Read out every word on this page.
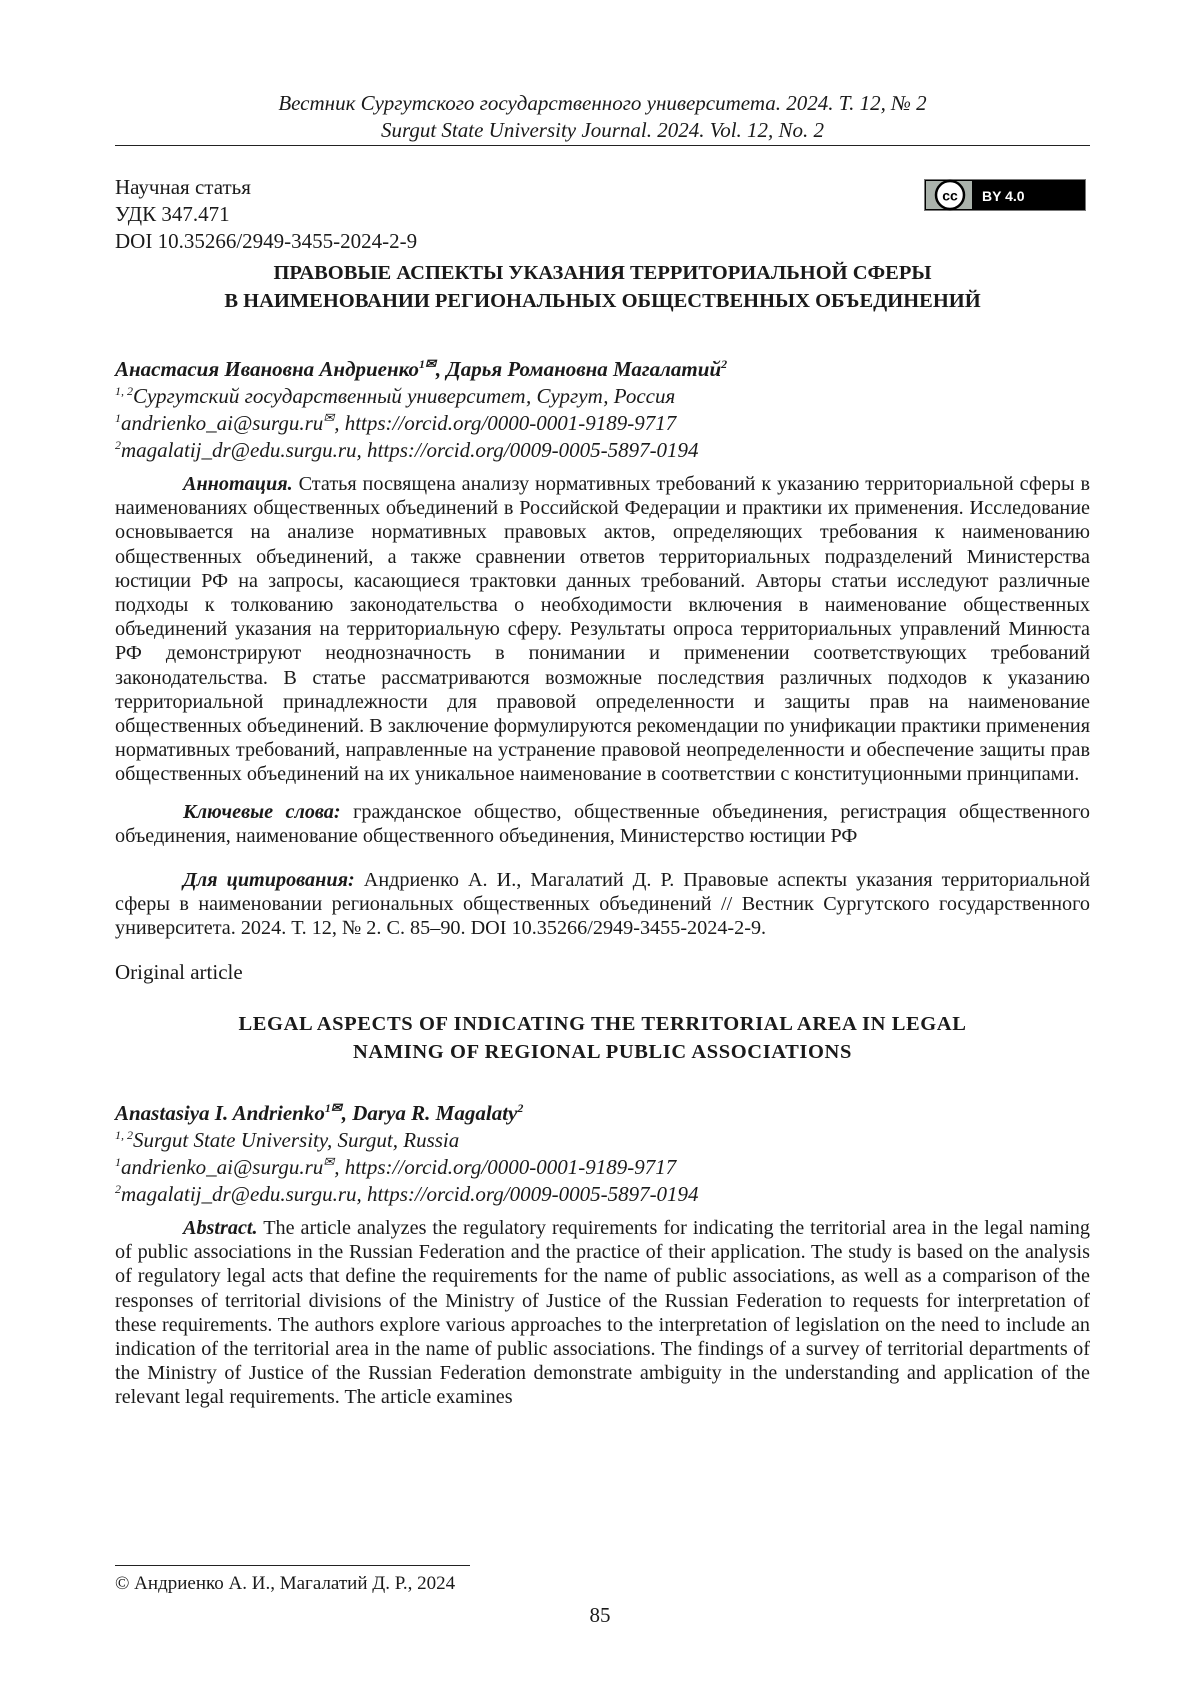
Вестник Сургутского государственного университета. 2024. Т. 12, № 2
Surgut State University Journal. 2024. Vol. 12, No. 2
Научная статья
УДК 347.471
DOI 10.35266/2949-3455-2024-2-9
cc BY 4.0
ПРАВОВЫЕ АСПЕКТЫ УКАЗАНИЯ ТЕРРИТОРИАЛЬНОЙ СФЕРЫ
В НАИМЕНОВАНИИ РЕГИОНАЛЬНЫХ ОБЩЕСТВЕННЫХ ОБЪЕДИНЕНИЙ
Анастасия Ивановна Андриенко$^{1✉}$, Дарья Романовна Магалатий$^2$
$^{1, 2}$Сургутский государственный университет, Сургут, Россия
$^1$andrienko_ai@surgu.ru✉, https://orcid.org/0000-0001-9189-9717
$^2$magalatij_dr@edu.surgu.ru, https://orcid.org/0009-0005-5897-0194
Аннотация. Статья посвящена анализу нормативных требований к указанию территориальной сферы в наименованиях общественных объединений в Российской Федерации и практики их применения. Исследование основывается на анализе нормативных правовых актов, определяющих требования к наименованию общественных объединений, а также сравнении ответов территориальных подразделений Министерства юстиции РФ на запросы, касающиеся трактовки данных требований. Авторы статьи исследуют различные подходы к толкованию законодательства о необходимости включения в наименование общественных объединений указания на территориальную сферу. Результаты опроса территориальных управлений Минюста РФ демонстрируют неоднозначность в понимании и применении соответствующих требований законодательства. В статье рассматриваются возможные последствия различных подходов к указанию территориальной принадлежности для правовой определенности и защиты прав на наименование общественных объединений. В заключение формулируются рекомендации по унификации практики применения нормативных требований, направленные на устранение правовой неопределенности и обеспечение защиты прав общественных объединений на их уникальное наименование в соответствии с конституционными принципами.
Ключевые слова: гражданское общество, общественные объединения, регистрация общественного объединения, наименование общественного объединения, Министерство юстиции РФ
Для цитирования: Андриенко А. И., Магалатий Д. Р. Правовые аспекты указания территориальной сферы в наименовании региональных общественных объединений // Вестник Сургутского государственного университета. 2024. Т. 12, № 2. С. 85–90. DOI 10.35266/2949-3455-2024-2-9.
Original article
LEGAL ASPECTS OF INDICATING THE TERRITORIAL AREA IN LEGAL
NAMING OF REGIONAL PUBLIC ASSOCIATIONS
Anastasiya I. Andrienko$^{1✉}$, Darya R. Magalaty$^2$
$^{1, 2}$Surgut State University, Surgut, Russia
$^1$andrienko_ai@surgu.ru✉, https://orcid.org/0000-0001-9189-9717
$^2$magalatij_dr@edu.surgu.ru, https://orcid.org/0009-0005-5897-0194
Abstract. The article analyzes the regulatory requirements for indicating the territorial area in the legal naming of public associations in the Russian Federation and the practice of their application. The study is based on the analysis of regulatory legal acts that define the requirements for the name of public associations, as well as a comparison of the responses of territorial divisions of the Ministry of Justice of the Russian Federation to requests for interpretation of these requirements. The authors explore various approaches to the interpretation of legislation on the need to include an indication of the territorial area in the name of public associations. The findings of a survey of territorial departments of the Ministry of Justice of the Russian Federation demonstrate ambiguity in the understanding and application of the relevant legal requirements. The article examines
© Андриенко А. И., Магалатий Д. Р., 2024
85
